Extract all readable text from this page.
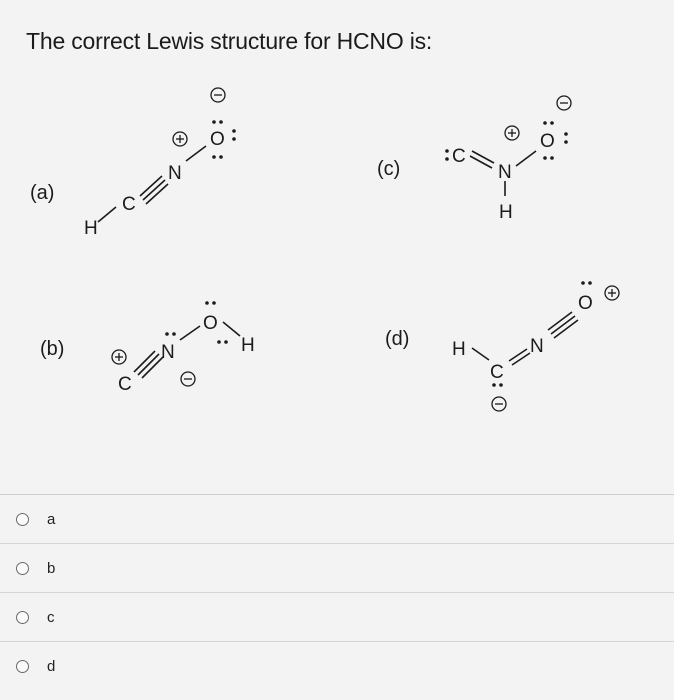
The correct Lewis structure for HCNO is:
(a)
(b)
(c)
(d)
H
C
N
O
C
N
O
H
C
N
O
H
H
C
N
O
a
b
c
d
